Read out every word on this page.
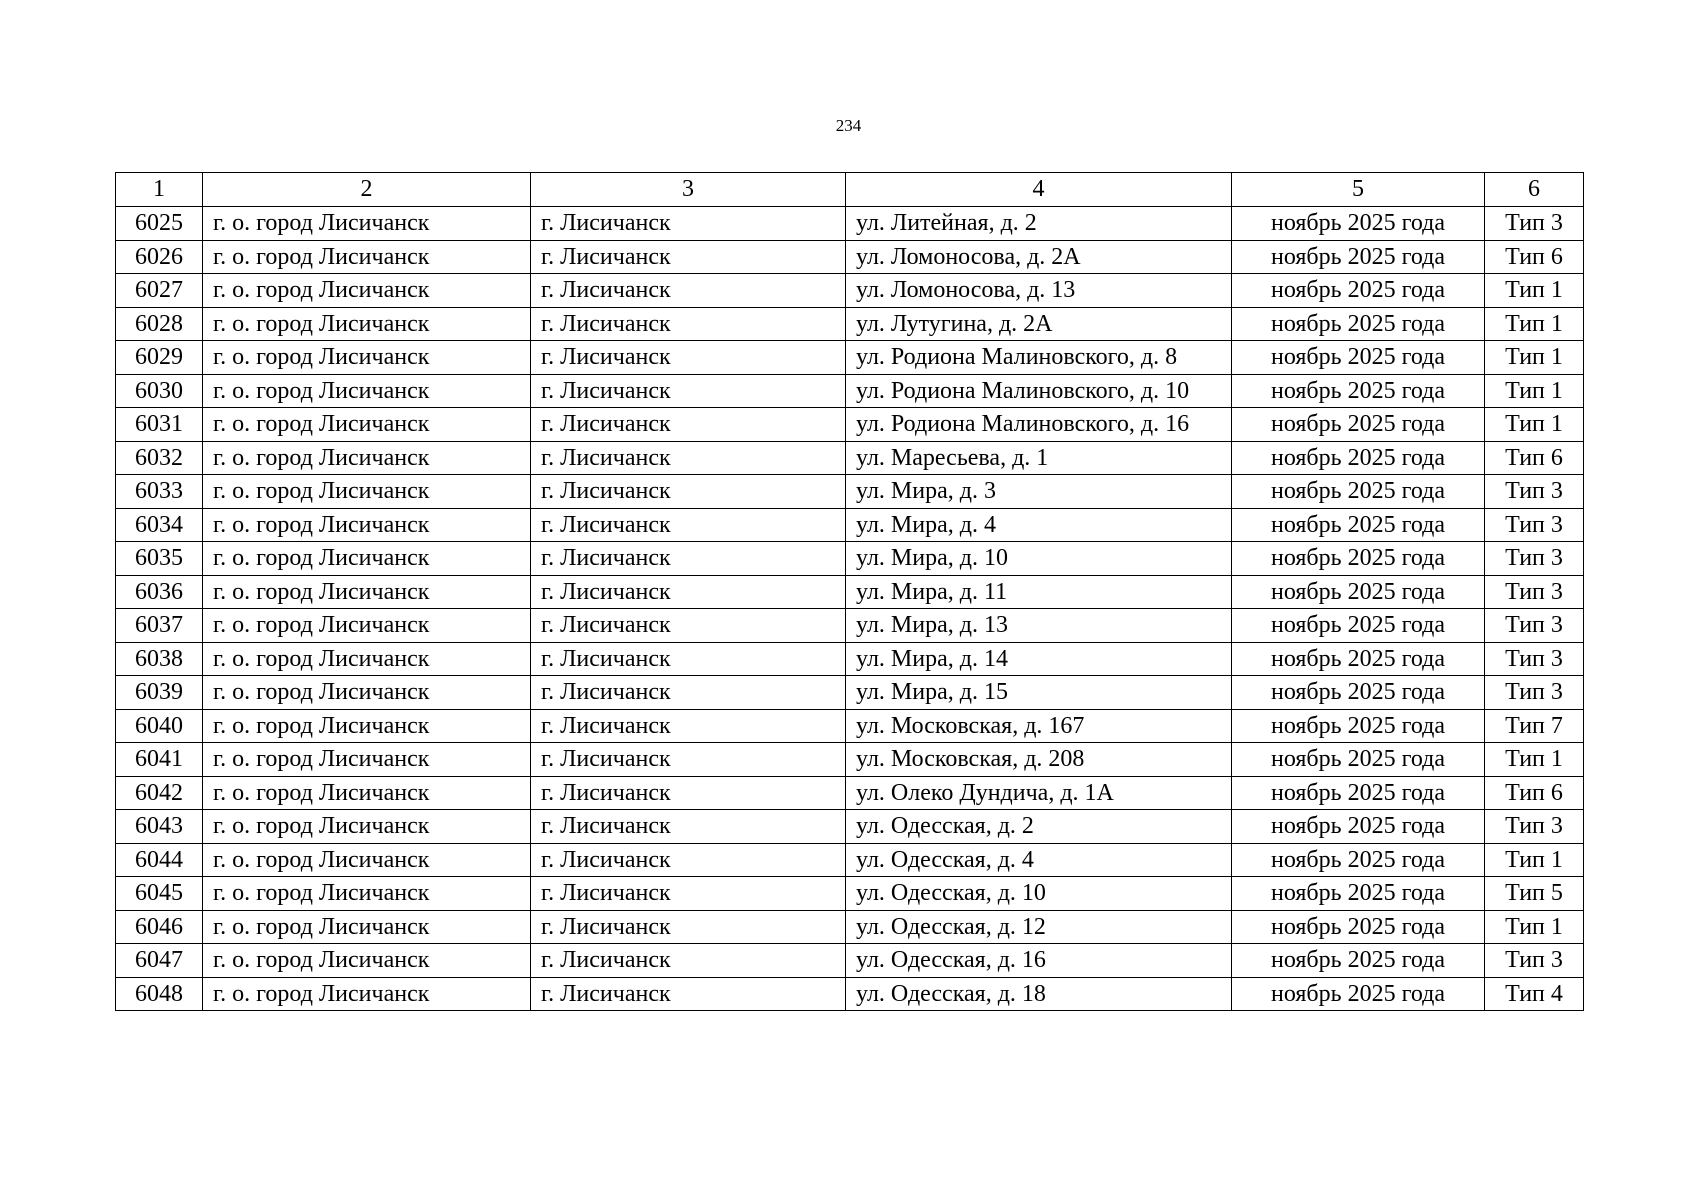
234
1	2	3	4	5	6
6025	г. о. город Лисичанск	г. Лисичанск	ул. Литейная, д. 2	ноябрь 2025 года	Тип 3
6026	г. о. город Лисичанск	г. Лисичанск	ул. Ломоносова, д. 2А	ноябрь 2025 года	Тип 6
6027	г. о. город Лисичанск	г. Лисичанск	ул. Ломоносова, д. 13	ноябрь 2025 года	Тип 1
6028	г. о. город Лисичанск	г. Лисичанск	ул. Лутугина, д. 2А	ноябрь 2025 года	Тип 1
6029	г. о. город Лисичанск	г. Лисичанск	ул. Родиона Малиновского, д. 8	ноябрь 2025 года	Тип 1
6030	г. о. город Лисичанск	г. Лисичанск	ул. Родиона Малиновского, д. 10	ноябрь 2025 года	Тип 1
6031	г. о. город Лисичанск	г. Лисичанск	ул. Родиона Малиновского, д. 16	ноябрь 2025 года	Тип 1
6032	г. о. город Лисичанск	г. Лисичанск	ул. Маресьева, д. 1	ноябрь 2025 года	Тип 6
6033	г. о. город Лисичанск	г. Лисичанск	ул. Мира, д. 3	ноябрь 2025 года	Тип 3
6034	г. о. город Лисичанск	г. Лисичанск	ул. Мира, д. 4	ноябрь 2025 года	Тип 3
6035	г. о. город Лисичанск	г. Лисичанск	ул. Мира, д. 10	ноябрь 2025 года	Тип 3
6036	г. о. город Лисичанск	г. Лисичанск	ул. Мира, д. 11	ноябрь 2025 года	Тип 3
6037	г. о. город Лисичанск	г. Лисичанск	ул. Мира, д. 13	ноябрь 2025 года	Тип 3
6038	г. о. город Лисичанск	г. Лисичанск	ул. Мира, д. 14	ноябрь 2025 года	Тип 3
6039	г. о. город Лисичанск	г. Лисичанск	ул. Мира, д. 15	ноябрь 2025 года	Тип 3
6040	г. о. город Лисичанск	г. Лисичанск	ул. Московская, д. 167	ноябрь 2025 года	Тип 7
6041	г. о. город Лисичанск	г. Лисичанск	ул. Московская, д. 208	ноябрь 2025 года	Тип 1
6042	г. о. город Лисичанск	г. Лисичанск	ул. Олеко Дундича, д. 1А	ноябрь 2025 года	Тип 6
6043	г. о. город Лисичанск	г. Лисичанск	ул. Одесская, д. 2	ноябрь 2025 года	Тип 3
6044	г. о. город Лисичанск	г. Лисичанск	ул. Одесская, д. 4	ноябрь 2025 года	Тип 1
6045	г. о. город Лисичанск	г. Лисичанск	ул. Одесская, д. 10	ноябрь 2025 года	Тип 5
6046	г. о. город Лисичанск	г. Лисичанск	ул. Одесская, д. 12	ноябрь 2025 года	Тип 1
6047	г. о. город Лисичанск	г. Лисичанск	ул. Одесская, д. 16	ноябрь 2025 года	Тип 3
6048	г. о. город Лисичанск	г. Лисичанск	ул. Одесская, д. 18	ноябрь 2025 года	Тип 4
